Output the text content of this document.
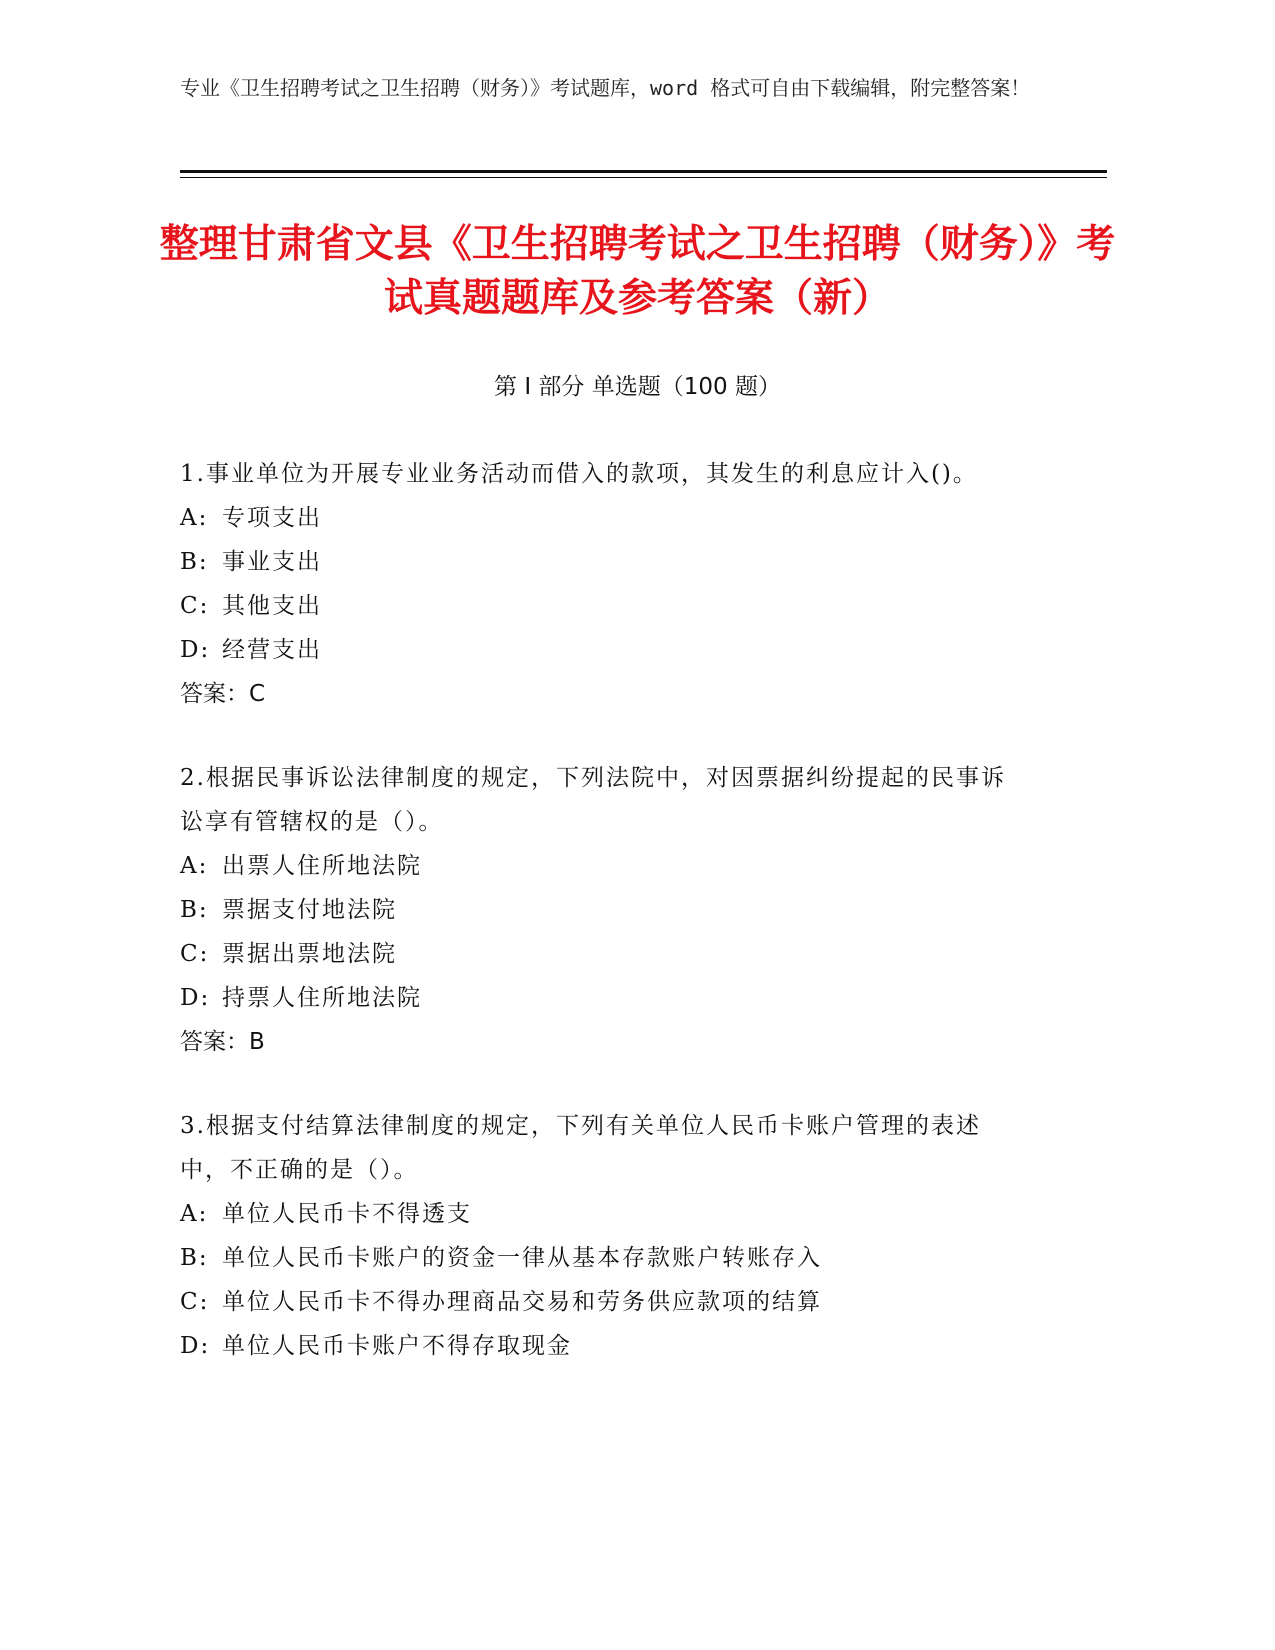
专业《卫生招聘考试之卫生招聘（财务）》考试题库，word 格式可自由下载编辑，附完整答案！
整理甘肃省文县《卫生招聘考试之卫生招聘（财务）》考试真题题库及参考答案（新）
第 I 部分 单选题（100 题）

1.事业单位为开展专业业务活动而借入的款项，其发生的利息应计入()。

A: 专项支出

B: 事业支出

C: 其他支出

D: 经营支出

答案：C

2.根据民事诉讼法律制度的规定，下列法院中，对因票据纠纷提起的民事诉讼享有管辖权的是（）。

A: 出票人住所地法院

B: 票据支付地法院

C: 票据出票地法院

D: 持票人住所地法院

答案：B

3.根据支付结算法律制度的规定，下列有关单位人民币卡账户管理的表述中，不正确的是（）。

A: 单位人民币卡不得透支

B: 单位人民币卡账户的资金一律从基本存款账户转账存入

C: 单位人民币卡不得办理商品交易和劳务供应款项的结算

D: 单位人民币卡账户不得存取现金
